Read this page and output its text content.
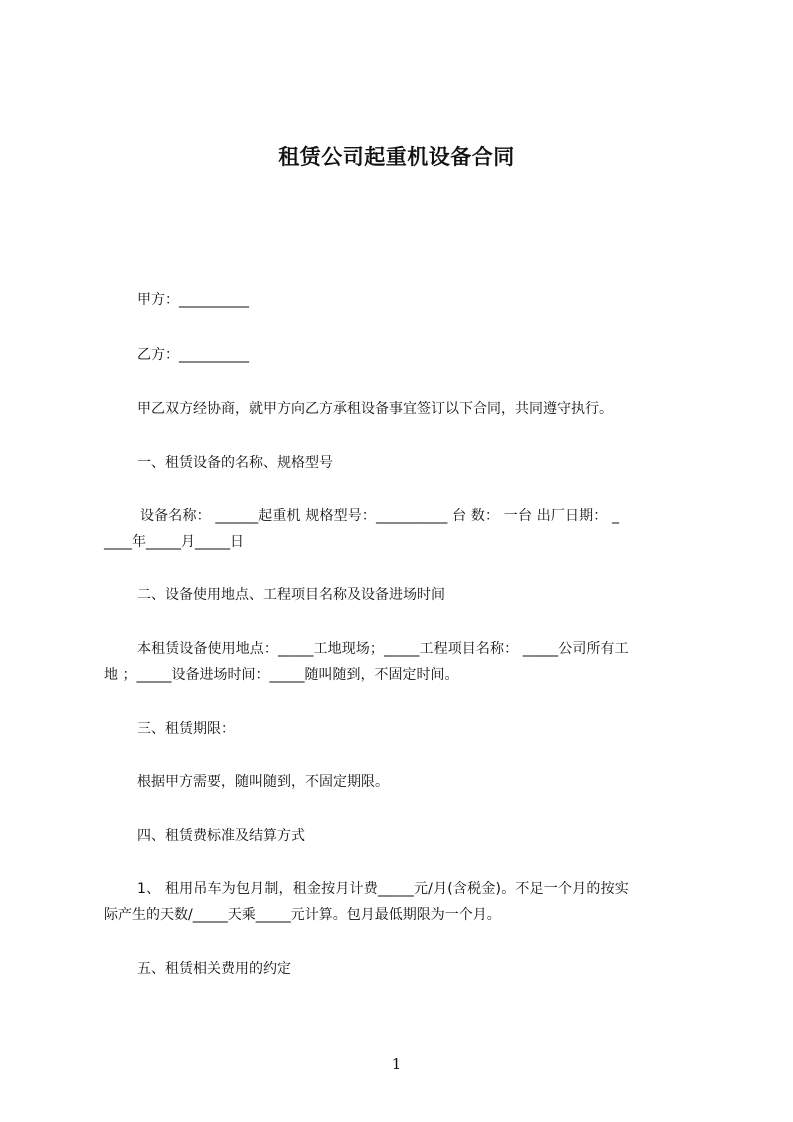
租赁公司起重机设备合同
甲方：__________
乙方：__________
甲乙双方经协商，就甲方向乙方承租设备事宜签订以下合同，共同遵守执行。
一、租赁设备的名称、规格型号
设备名称： ______起重机 规格型号：__________ 台 数： 一台 出厂日期： _
____年_____月_____日
二、设备使用地点、工程项目名称及设备进场时间
本租赁设备使用地点：_____工地现场；_____工程项目名称： _____公司所有工
地 ；_____设备进场时间：_____随叫随到，不固定时间。
三、租赁期限：
根据甲方需要，随叫随到，不固定期限。
四、租赁费标准及结算方式
1、 租用吊车为包月制，租金按月计费_____元/月(含税金)。不足一个月的按实
际产生的天数/_____天乘_____元计算。包月最低期限为一个月。
五、租赁相关费用的约定
1
